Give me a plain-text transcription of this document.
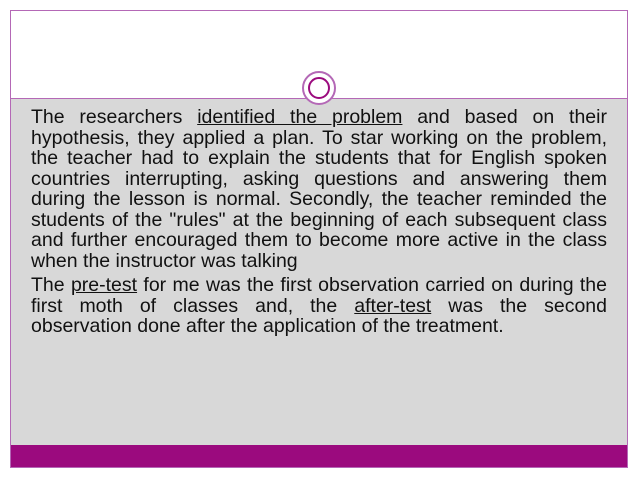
The researchers identified the problem and based on their hypothesis, they applied a plan. To star working on the problem, the teacher had to explain the students that for English spoken countries interrupting, asking questions and answering them during the lesson is normal. Secondly, the teacher reminded the students of the "rules" at the beginning of each subsequent class and further encouraged them to become more active in the class when the instructor was talking

The pre-test for me was the first observation carried on during the first moth of classes and, the after-test was the second observation done after the application of the treatment.
